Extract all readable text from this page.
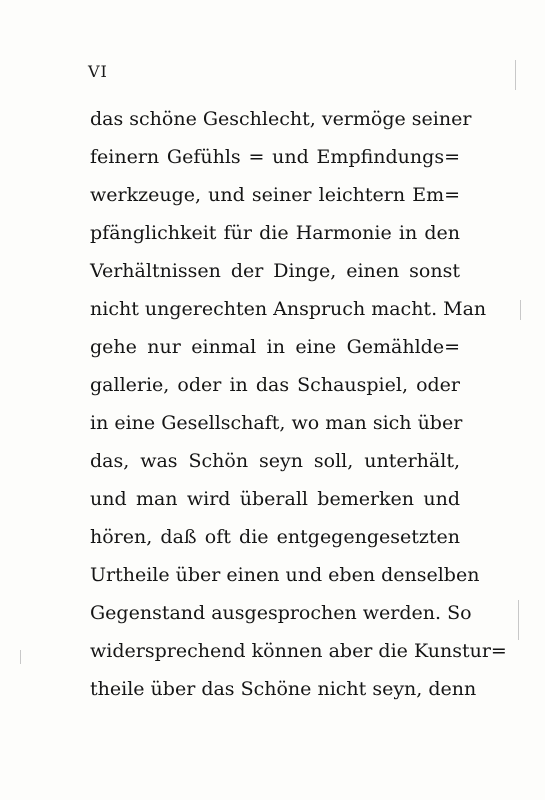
VI
das schöne Geschlecht, vermöge seiner
feinern Gefühls = und Empfindungs=
werkzeuge, und seiner leichtern Em=
pfänglichkeit für die Harmonie in den
Verhältnissen der Dinge, einen sonst
nicht ungerechten Anspruch macht. Man
gehe nur einmal in eine Gemählde=
gallerie, oder in das Schauspiel, oder
in eine Gesellschaft, wo man sich über
das, was Schön seyn soll, unterhält,
und man wird überall bemerken und
hören, daß oft die entgegengesetzten
Urtheile über einen und eben denselben
Gegenstand ausgesprochen werden. So
widersprechend können aber die Kunstur=
theile über das Schöne nicht seyn, denn
